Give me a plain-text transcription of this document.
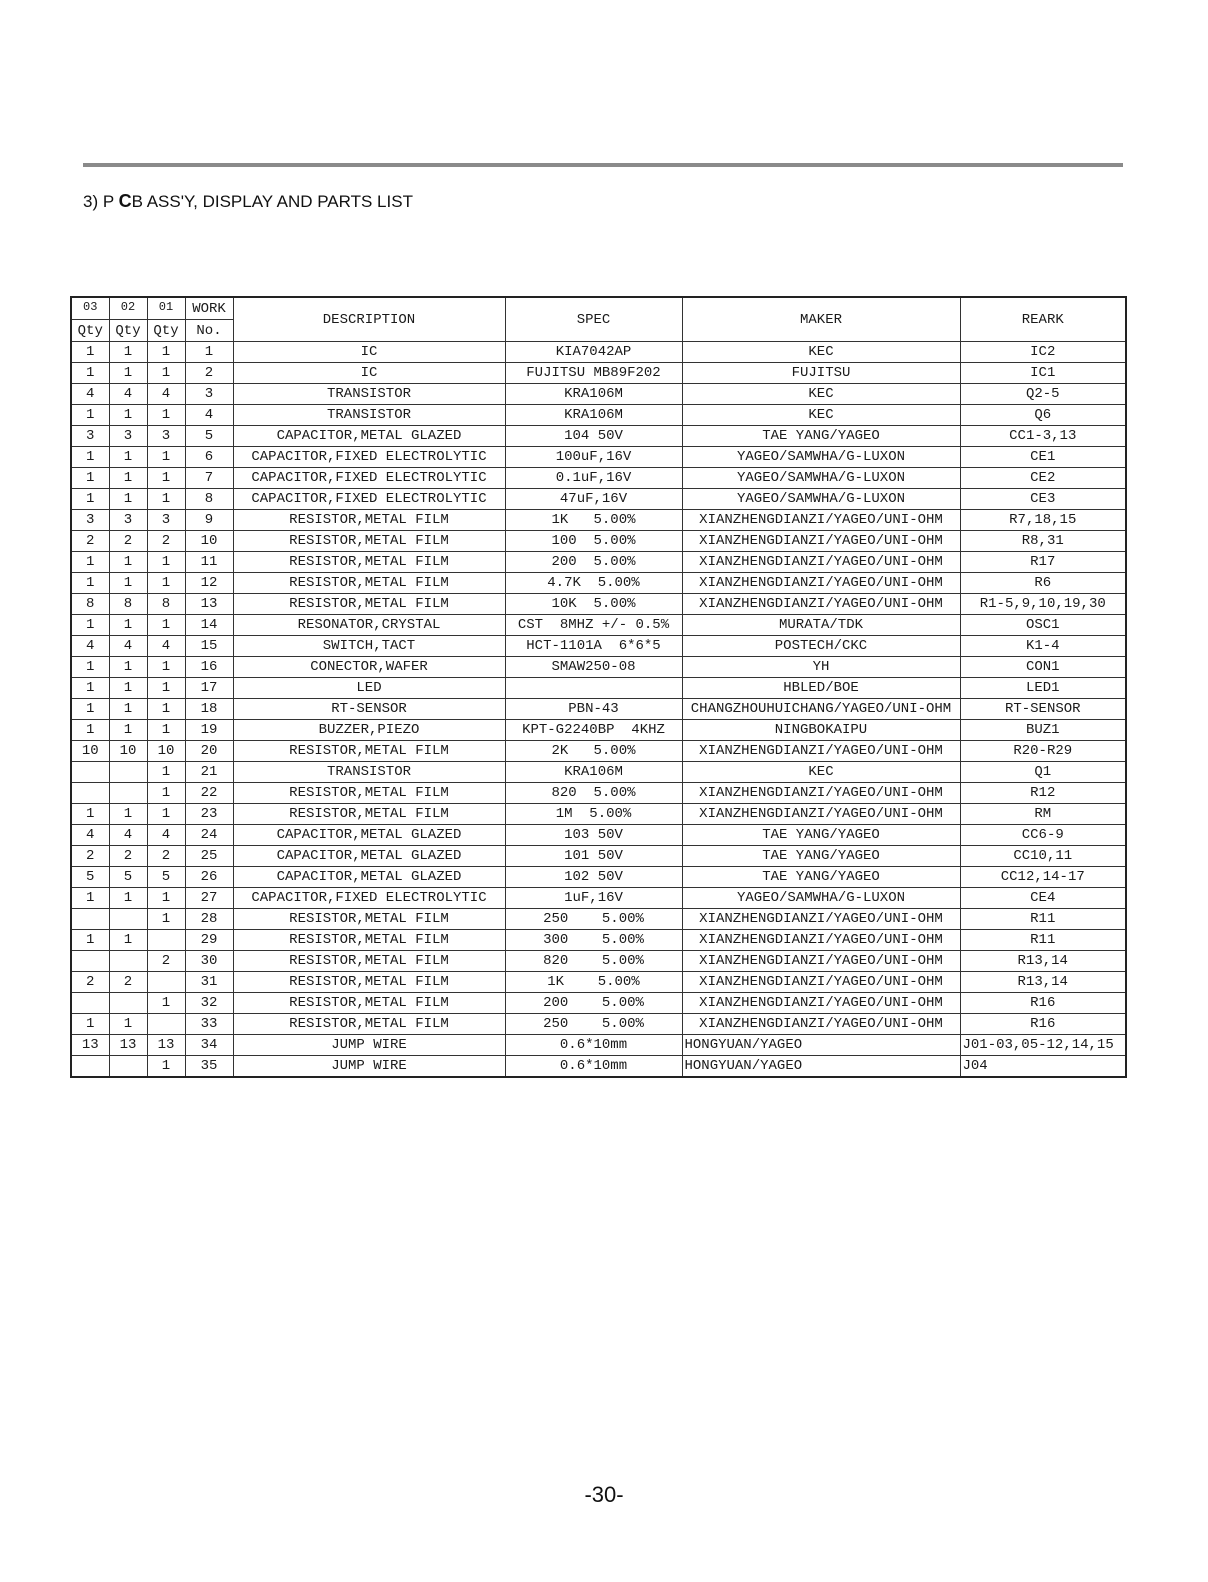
3) P CB ASS'Y, DISPLAY AND PARTS LIST
03	02	01	WORK	DESCRIPTION	SPEC	MAKER	REARK
Qty	Qty	Qty	No.				
1	1	1	1	IC	KIA7042AP	KEC	IC2
1	1	1	2	IC	FUJITSU MB89F202	FUJITSU	IC1
4	4	4	3	TRANSISTOR	KRA106M	KEC	Q2-5
1	1	1	4	TRANSISTOR	KRA106M	KEC	Q6
3	3	3	5	CAPACITOR,METAL GLAZED	104 50V	TAE YANG/YAGEO	CC1-3,13
1	1	1	6	CAPACITOR,FIXED ELECTROLYTIC	100uF,16V	YAGEO/SAMWHA/G-LUXON	CE1
1	1	1	7	CAPACITOR,FIXED ELECTROLYTIC	0.1uF,16V	YAGEO/SAMWHA/G-LUXON	CE2
1	1	1	8	CAPACITOR,FIXED ELECTROLYTIC	47uF,16V	YAGEO/SAMWHA/G-LUXON	CE3
3	3	3	9	RESISTOR,METAL FILM	1K   5.00%	XIANZHENGDIANZI/YAGEO/UNI-OHM	R7,18,15
2	2	2	10	RESISTOR,METAL FILM	100  5.00%	XIANZHENGDIANZI/YAGEO/UNI-OHM	R8,31
1	1	1	11	RESISTOR,METAL FILM	200  5.00%	XIANZHENGDIANZI/YAGEO/UNI-OHM	R17
1	1	1	12	RESISTOR,METAL FILM	4.7K  5.00%	XIANZHENGDIANZI/YAGEO/UNI-OHM	R6
8	8	8	13	RESISTOR,METAL FILM	10K  5.00%	XIANZHENGDIANZI/YAGEO/UNI-OHM	R1-5,9,10,19,30
1	1	1	14	RESONATOR,CRYSTAL	CST  8MHZ +/- 0.5%	MURATA/TDK	OSC1
4	4	4	15	SWITCH,TACT	HCT-1101A  6*6*5	POSTECH/CKC	K1-4
1	1	1	16	CONECTOR,WAFER	SMAW250-08	YH	CON1
1	1	1	17	LED		HBLED/BOE	LED1
1	1	1	18	RT-SENSOR	PBN-43	CHANGZHOUHUICHANG/YAGEO/UNI-OHM	RT-SENSOR
1	1	1	19	BUZZER,PIEZO	KPT-G2240BP  4KHZ	NINGBOKAIPU	BUZ1
10	10	10	20	RESISTOR,METAL FILM	2K   5.00%	XIANZHENGDIANZI/YAGEO/UNI-OHM	R20-R29
		1	21	TRANSISTOR	KRA106M	KEC	Q1
		1	22	RESISTOR,METAL FILM	820  5.00%	XIANZHENGDIANZI/YAGEO/UNI-OHM	R12
1	1	1	23	RESISTOR,METAL FILM	1M  5.00%	XIANZHENGDIANZI/YAGEO/UNI-OHM	RM
4	4	4	24	CAPACITOR,METAL GLAZED	103 50V	TAE YANG/YAGEO	CC6-9
2	2	2	25	CAPACITOR,METAL GLAZED	101 50V	TAE YANG/YAGEO	CC10,11
5	5	5	26	CAPACITOR,METAL GLAZED	102 50V	TAE YANG/YAGEO	CC12,14-17
1	1	1	27	CAPACITOR,FIXED ELECTROLYTIC	1uF,16V	YAGEO/SAMWHA/G-LUXON	CE4
		1	28	RESISTOR,METAL FILM	250    5.00%	XIANZHENGDIANZI/YAGEO/UNI-OHM	R11
1	1		29	RESISTOR,METAL FILM	300    5.00%	XIANZHENGDIANZI/YAGEO/UNI-OHM	R11
		2	30	RESISTOR,METAL FILM	820    5.00%	XIANZHENGDIANZI/YAGEO/UNI-OHM	R13,14
2	2		31	RESISTOR,METAL FILM	1K    5.00%	XIANZHENGDIANZI/YAGEO/UNI-OHM	R13,14
		1	32	RESISTOR,METAL FILM	200    5.00%	XIANZHENGDIANZI/YAGEO/UNI-OHM	R16
1	1		33	RESISTOR,METAL FILM	250    5.00%	XIANZHENGDIANZI/YAGEO/UNI-OHM	R16
13	13	13	34	JUMP WIRE	0.6*10mm	HONGYUAN/YAGEO	J01-03,05-12,14,15
		1	35	JUMP WIRE	0.6*10mm	HONGYUAN/YAGEO	J04
-30-
